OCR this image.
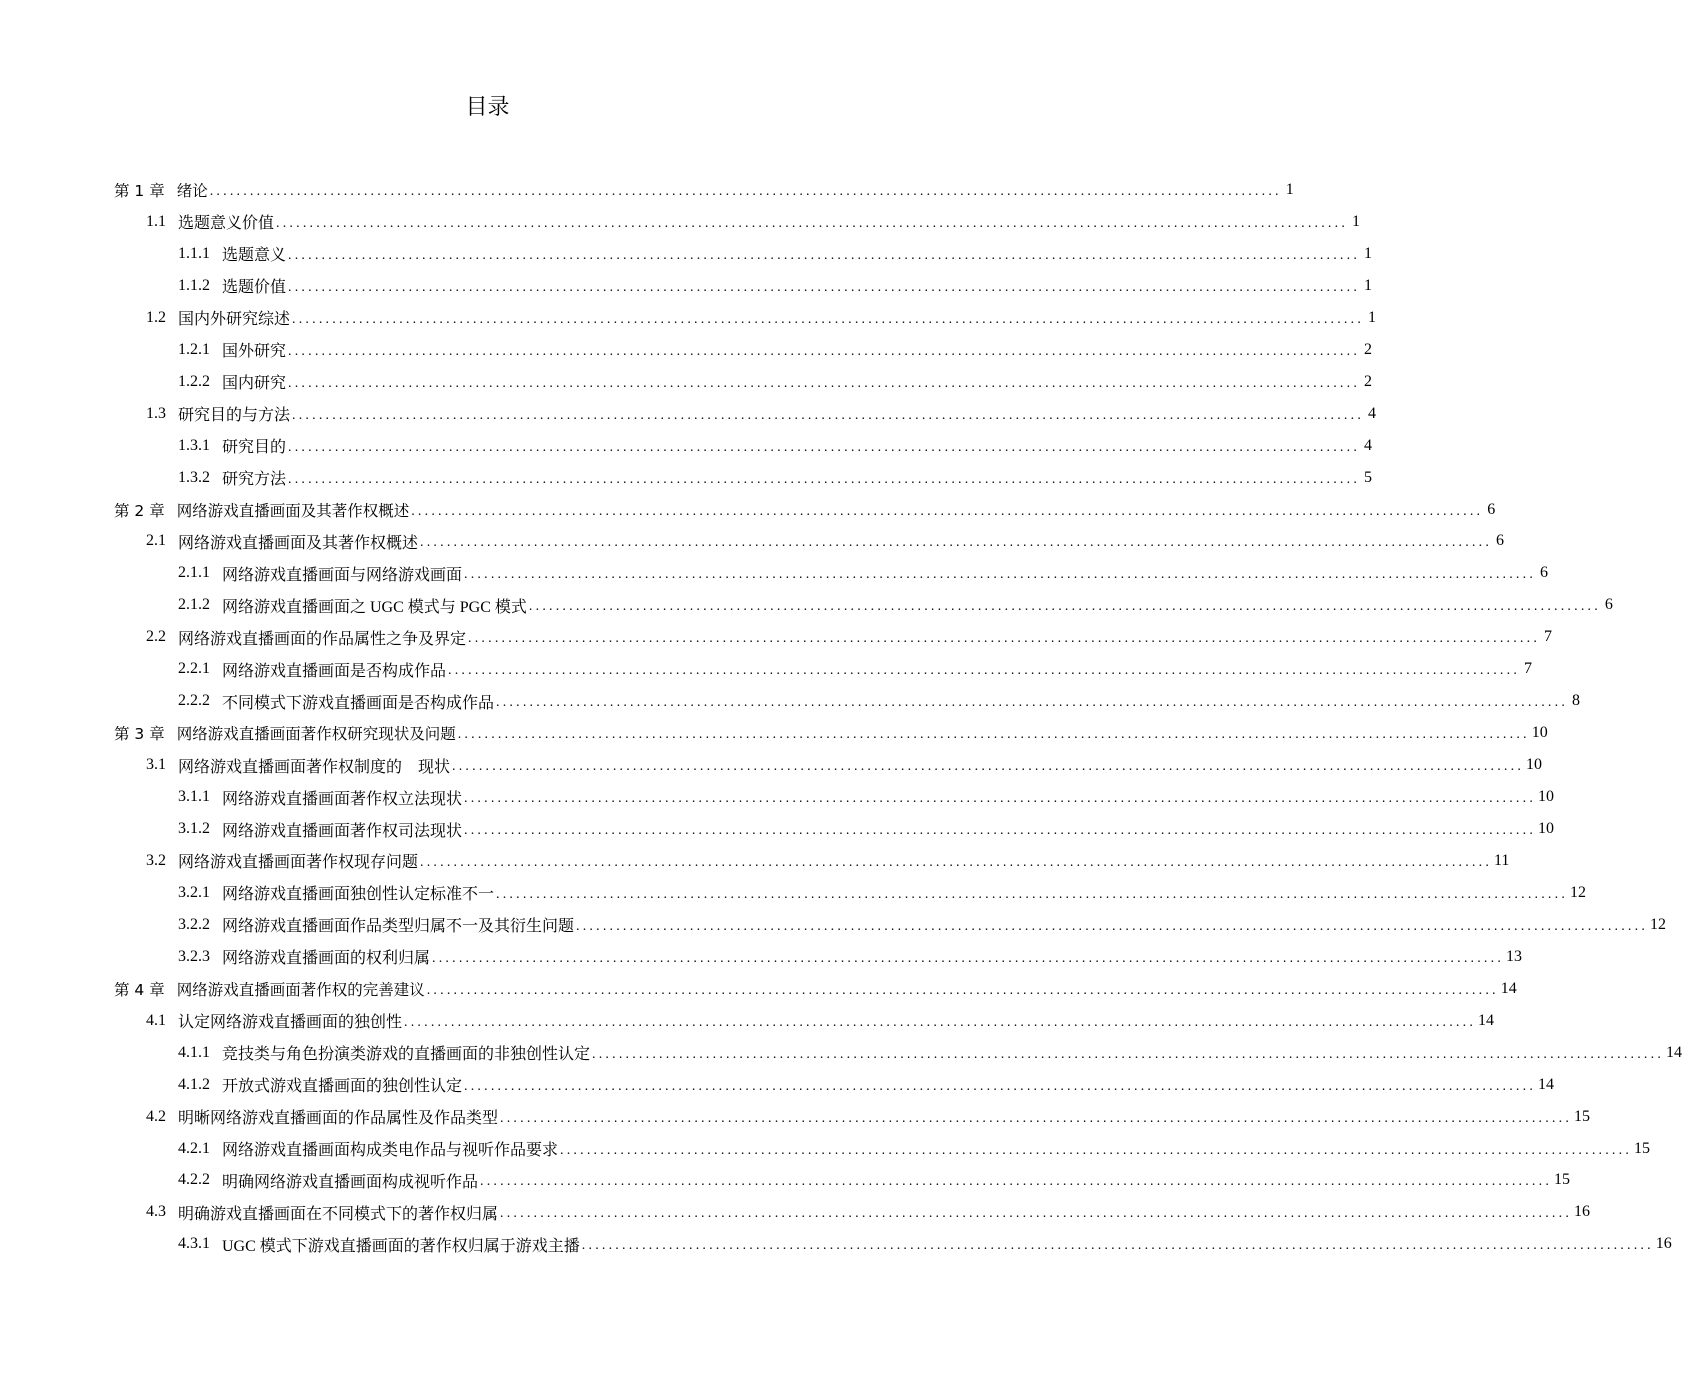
目录
第 1 章 绪论 ................................................................................................................................................................ 1
1.1 选题意义价值 ................................................................................................................................................................ 1
1.1.1 选题意义 ................................................................................................................................................................ 1
1.1.2 选题价值 ................................................................................................................................................................ 1
1.2 国内外研究综述 ................................................................................................................................................................ 1
1.2.1 国外研究 ................................................................................................................................................................ 2
1.2.2 国内研究 ................................................................................................................................................................ 2
1.3 研究目的与方法 ................................................................................................................................................................ 4
1.3.1 研究目的 ................................................................................................................................................................ 4
1.3.2 研究方法 ................................................................................................................................................................ 5
第 2 章 网络游戏直播画面及其著作权概述 ................................................................................................................................................................ 6
2.1 网络游戏直播画面及其著作权概述 ................................................................................................................................................................ 6
2.1.1 网络游戏直播画面与网络游戏画面 ................................................................................................................................................................ 6
2.1.2 网络游戏直播画面之 UGC 模式与 PGC 模式 ................................................................................................................................................................ 6
2.2 网络游戏直播画面的作品属性之争及界定 ................................................................................................................................................................ 7
2.2.1 网络游戏直播画面是否构成作品 ................................................................................................................................................................ 7
2.2.2 不同模式下游戏直播画面是否构成作品 ................................................................................................................................................................ 8
第 3 章 网络游戏直播画面著作权研究现状及问题 ................................................................................................................................................................ 10
3.1 网络游戏直播画面著作权制度的　现状 ................................................................................................................................................................ 10
3.1.1 网络游戏直播画面著作权立法现状 ................................................................................................................................................................ 10
3.1.2 网络游戏直播画面著作权司法现状 ................................................................................................................................................................ 10
3.2 网络游戏直播画面著作权现存问题 ................................................................................................................................................................ 11
3.2.1 网络游戏直播画面独创性认定标准不一 ................................................................................................................................................................ 12
3.2.2 网络游戏直播画面作品类型归属不一及其衍生问题 ................................................................................................................................................................ 12
3.2.3 网络游戏直播画面的权利归属 ................................................................................................................................................................ 13
第 4 章 网络游戏直播画面著作权的完善建议 ................................................................................................................................................................ 14
4.1 认定网络游戏直播画面的独创性 ................................................................................................................................................................ 14
4.1.1 竞技类与角色扮演类游戏的直播画面的非独创性认定 ................................................................................................................................................................ 14
4.1.2 开放式游戏直播画面的独创性认定 ................................................................................................................................................................ 14
4.2 明晰网络游戏直播画面的作品属性及作品类型 ................................................................................................................................................................ 15
4.2.1 网络游戏直播画面构成类电作品与视听作品要求 ................................................................................................................................................................ 15
4.2.2 明确网络游戏直播画面构成视听作品 ................................................................................................................................................................ 15
4.3 明确游戏直播画面在不同模式下的著作权归属 ................................................................................................................................................................ 16
4.3.1 UGC 模式下游戏直播画面的著作权归属于游戏主播 ................................................................................................................................................................ 16
